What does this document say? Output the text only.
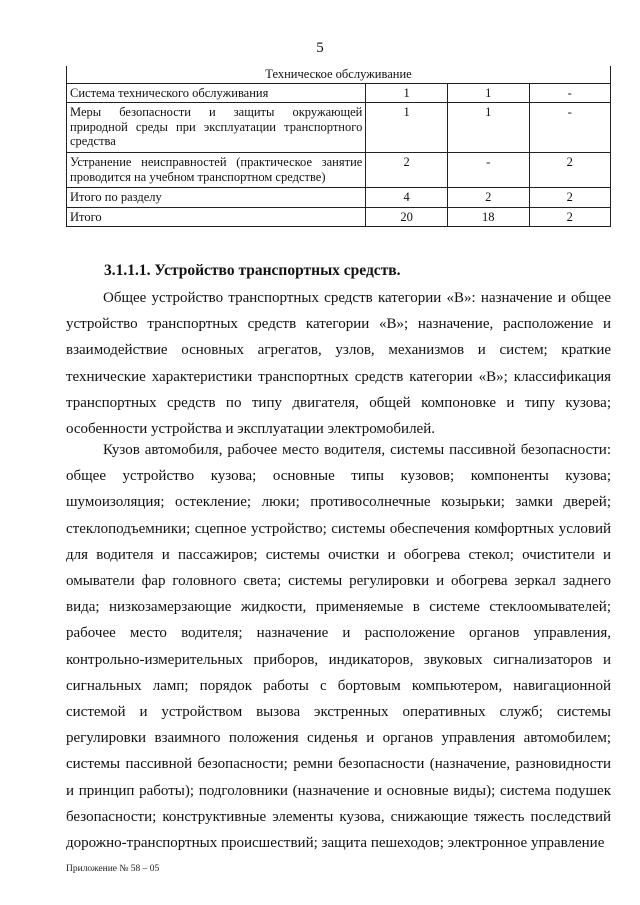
5
Техническое обслуживание			
Система технического обслуживания	1	1	-
Меры безопасности и защиты окружающей природной среды при эксплуатации транспортного средства	1	1	-
Устранение неисправностей (практическое занятие проводится на учебном транспортном средстве)	2	-	2
Итого по разделу	4	2	2
Итого	20	18	2
3.1.1.1. Устройство транспортных средств.

Общее устройство транспортных средств категории «В»: назначение и общее устройство транспортных средств категории «В»; назначение, расположение и взаимодействие основных агрегатов, узлов, механизмов и систем; краткие технические характеристики транспортных средств категории «В»; классификация транспортных средств по типу двигателя, общей компоновке и типу кузова; особенности устройства и эксплуатации электромобилей.

Кузов автомобиля, рабочее место водителя, системы пассивной безопасности: общее устройство кузова; основные типы кузовов; компоненты кузова; шумоизоляция; остекление; люки; противосолнечные козырьки; замки дверей; стеклоподъемники; сцепное устройство; системы обеспечения комфортных условий для водителя и пассажиров; системы очистки и обогрева стекол; очистители и омыватели фар головного света; системы регулировки и обогрева зеркал заднего вида; низкозамерзающие жидкости, применяемые в системе стеклоомывателей; рабочее место водителя; назначение и расположение органов управления, контрольно-измерительных приборов, индикаторов, звуковых сигнализаторов и сигнальных ламп; порядок работы с бортовым компьютером, навигационной системой и устройством вызова экстренных оперативных служб; системы регулировки взаимного положения сиденья и органов управления автомобилем; системы пассивной безопасности; ремни безопасности (назначение, разновидности и принцип работы); подголовники (назначение и основные виды); система подушек безопасности; конструктивные элементы кузова, снижающие тяжесть последствий дорожно-транспортных происшествий; защита пешеходов; электронное управление

Приложение № 58 – 05
